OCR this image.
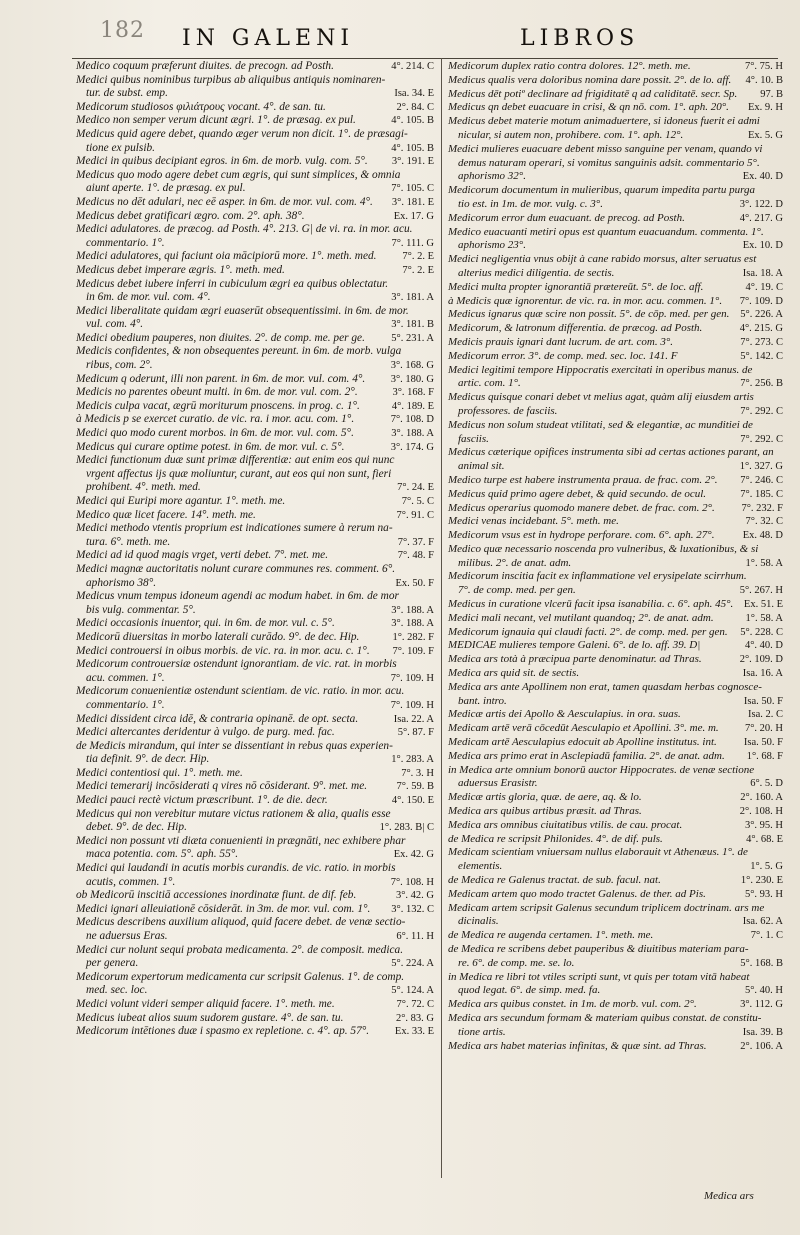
182 IN GALENI	LIBROS
4°. 214. C
Medico coquum præferunt diuites. de precogn. ad Posth.
Medici quibus nominibus turpibus ab aliquibus antiquis nominaren-
Isa. 34. E
tur. de subst. emp.
2°. 84. C
Medicorum studiosos φιλιάτρους vocant. 4°. de san. tu.
4°. 105. B
Medico non semper verum dicunt ægri. 1°. de præsag. ex pul.
Medicus quid agere debet, quando æger verum non dicit. 1°. de præsagi-
4°. 105. B
tione ex pulsib.
3°. 191. E
Medici in quibus decipiant egros. in 6m. de morb. vulg. com. 5°.
Medicus quo modo agere debet cum ægris, qui sunt simplices, & omnia
7°. 105. C
aiunt aperte. 1°. de præsag. ex pul.
3°. 181. E
Medicus no dēt adulari, nec eē asper. in 6m. de mor. vul. com. 4°.
Ex. 17. G
Medicus debet gratificari ægro. com. 2°. aph. 38°.
Medici adulatores. de præcog. ad Posth. 4°. 213. G| de vi. ra. in mor. acu.
7°. 111. G
commentario. 1°.
7°. 2. E
Medici adulatores, qui faciunt oia mācipiorū more. 1°. meth. med.
7°. 2. E
Medicus debet imperare ægris. 1°. meth. med.
Medicus debet iubere inferri in cubiculum ægri ea quibus oblectatur.
3°. 181. A
in 6m. de mor. vul. com. 4°.
Medici liberalitate quidam ægri euaserūt obsequentissimi. in 6m. de mor.
3°. 181. B
vul. com. 4°.
5°. 231. A
Medici obedium pauperes, non diuites. 2°. de comp. me. per ge.
Medicis confidentes, & non obsequentes pereunt. in 6m. de morb. vulga
3°. 168. G
ribus, com. 2°.
3°. 180. G
Medicum q oderunt, illi non parent. in 6m. de mor. vul. com. 4°.
3°. 168. F
Medicis no parentes obeunt multi. in 6m. de mor. vul. com. 2°.
4°. 189. E
Medicis culpa vacat, ægrū moriturum pnoscens. in prog. c. 1°.
7°. 108. D
à Medicis p se exercet curatio. de vic. ra. i mor. acu. com. 1°.
3°. 188. A
Medici quo modo curent morbos. in 6m. de mor. vul. com. 5°.
3°. 174. G
Medicus qui curare optime potest. in 6m. de mor. vul. c. 5°.
Medici functionum duæ sunt primæ differentiæ: aut enim eos qui nunc
vrgent affectus ijs quæ moliuntur, curant, aut eos qui non sunt, fieri
7°. 24. E
prohibent. 4°. meth. med.
7°. 5. C
Medici qui Euripi more agantur. 1°. meth. me.
7°. 91. C
Medico quæ licet facere. 14°. meth. me.
Medici methodo vtentis proprium est indicationes sumere à rerum na-
7°. 37. F
tura. 6°. meth. me.
7°. 48. F
Medici ad id quod magis vrget, verti debet. 7°. met. me.
Medici magnæ auctoritatis nolunt curare communes res. comment. 6°.
Ex. 50. F
aphorismo 38°.
Medicus vnum tempus idoneum agendi ac modum habet. in 6m. de mor
3°. 188. A
bis vulg. commentar. 5°.
3°. 188. A
Medici occasionis inuentor, qui. in 6m. de mor. vul. c. 5°.
1°. 282. F
Medicorū diuersitas in morbo laterali curādo. 9°. de dec. Hip.
7°. 109. F
Medici controuersi in oibus morbis. de vic. ra. in mor. acu. c. 1°.
Medicorum controuersiæ ostendunt ignorantiam. de vic. rat. in morbis
7°. 109. H
acu. commen. 1°.
Medicorum conuenientiæ ostendunt scientiam. de vic. ratio. in mor. acu.
7°. 109. H
commentario. 1°.
Isa. 22. A
Medici dissident circa idē, & contraria opinanē. de opt. secta.
5°. 87. F
Medici altercantes deridentur à vulgo. de purg. med. fac.
de Medicis mirandum, qui inter se dissentiant in rebus quas experien-
1°. 283. A
tia definit. 9°. de decr. Hip.
7°. 3. H
Medici contentiosi qui. 1°. meth. me.
7°. 59. B
Medici temerarij incōsiderati q vires nō cōsiderant. 9°. met. me.
4°. 150. E
Medici pauci rectè victum præscribunt. 1°. de die. decr.
Medicus qui non verebitur mutare victus rationem & alia, qualis esse
1°. 283. B| C
debet. 9°. de dec. Hip.
Medici non possunt vti diæta conuenienti in prægnāti, nec exhibere phar
Ex. 42. G
maca potentia. com. 5°. aph. 55°.
Medici qui laudandi in acutis morbis curandis. de vic. ratio. in morbis
7°. 108. H
acutis, commen. 1°.
3°. 42. G
ob Medicorū inscitiā accessiones inordinatæ fiunt. de dif. feb.
3°. 132. C
Medici ignari alleuiationē cōsiderāt. in 3m. de mor. vul. com. 1°.
Medicus describens auxilium aliquod, quid facere debet. de venæ sectio-
6°. 11. H
ne aduersus Eras.
Medici cur nolunt sequi probata medicamenta. 2°. de composit. medica.
5°. 224. A
per genera.
Medicorum expertorum medicamenta cur scripsit Galenus. 1°. de comp.
5°. 124. A
med. sec. loc.
7°. 72. C
Medici volunt videri semper aliquid facere. 1°. meth. me.
2°. 83. G
Medicus iubeat alios suum sudorem gustare. 4°. de san. tu.
Ex. 33. E
Medicorum intētiones duæ i spasmo ex repletione. c. 4°. ap. 57°.
7°. 75. H
Medicorum duplex ratio contra dolores. 12°. meth. me.
4°. 10. B
Medicus qualis vera doloribus nomina dare possit. 2°. de lo. aff.
97. B
Medicus dēt potiº declinare ad frigiditatē q ad caliditatē. secr. Sp.
Ex. 9. H
Medicus qn debet euacuare in crisi, & qn nō. com. 1°. aph. 20°.
Medicus debet materie motum animaduertere, si idoneus fuerit ei admi
Ex. 5. G
nicular, si autem non, prohibere. com. 1°. aph. 12°.
Medici mulieres euacuare debent misso sanguine per venam, quando vi
demus naturam operari, si vomitus sanguinis adsit. commentario 5°.
Ex. 40. D
aphorismo 32°.
Medicorum documentum in mulieribus, quarum impedita partu purga
3°. 122. D
tio est. in 1m. de mor. vulg. c. 3°.
4°. 217. G
Medicorum error dum euacuant. de precog. ad Posth.
Medico euacuanti metiri opus est quantum euacuandum. commenta. 1°.
Ex. 10. D
aphorismo 23°.
Medici negligentia vnus obijt à cane rabido morsus, alter seruatus est
Isa. 18. A
alterius medici diligentia. de sectis.
4°. 19. C
Medici multa propter ignorantiā prætereūt. 5°. de loc. aff.
7°. 109. D
à Medicis quæ ignorentur. de vic. ra. in mor. acu. commen. 1°.
5°. 226. A
Medicus ignarus quæ scire non possit. 5°. de cōp. med. per gen.
4°. 215. G
Medicorum, & latronum differentia. de præcog. ad Posth.
7°. 273. C
Medicis prauis ignari dant lucrum. de art. com. 3°.
5°. 142. C
Medicorum error. 3°. de comp. med. sec. loc. 141. F
Medici legitimi tempore Hippocratis exercitati in operibus manus. de
7°. 256. B
artic. com. 1°.
Medicus quisque conari debet vt melius agat, quàm alij eiusdem artis
7°. 292. C
professores. de fasciis.
Medicus non solum studeat vtilitati, sed & elegantiæ, ac munditiei de
7°. 292. C
fasciis.
Medicus cæterique opifices instrumenta sibi ad certas actiones parant, an
1°. 327. G
animal sit.
7°. 246. C
Medico turpe est habere instrumenta praua. de frac. com. 2°.
7°. 185. C
Medicus quid primo agere debet, & quid secundo. de ocul.
7°. 232. F
Medicus operarius quomodo manere debet. de frac. com. 2°.
7°. 32. C
Medici venas incidebant. 5°. meth. me.
Ex. 48. D
Medicorum vsus est in hydrope perforare. com. 6°. aph. 27°.
Medico quæ necessario noscenda pro vulneribus, & luxationibus, & si
1°. 58. A
milibus. 2°. de anat. adm.
Medicorum inscitia facit ex inflammatione vel erysipelate scirrhum.
5°. 267. H
7°. de comp. med. per gen.
Ex. 51. E
Medicus in curatione vlcerū facit ipsa isanabilia. c. 6°. aph. 45°.
1°. 58. A
Medici mali necant, vel mutilant quandoq; 2°. de anat. adm.
5°. 228. C
Medicorum ignauia qui claudi facti. 2°. de comp. med. per gen.
4°. 40. D
MEDICAE mulieres tempore Galeni. 6°. de lo. aff. 39. D|
2°. 109. D
Medica ars totà à præcipua parte denominatur. ad Thras.
Isa. 16. A
Medica ars quid sit. de sectis.
Medica ars ante Apollinem non erat, tamen quasdam herbas cognosce-
Isa. 50. F
bant. intro.
Isa. 2. C
Medicæ artis dei Apollo & Aesculapius. in ora. suas.
7°. 20. H
Medicam artē verā cōcedūt Aesculapio et Apollini. 3°. me. m.
Isa. 50. F
Medicam artē Aesculapius edocuit ab Apolline institutus. int.
1°. 68. F
Medica ars primo erat in Asclepiadū familia. 2°. de anat. adm.
in Medica arte omnium bonorū auctor Hippocrates. de venæ sectione
6°. 5. D
aduersus Erasistr.
2°. 160. A
Medicæ artis gloria, quæ. de aere, aq. & lo.
2°. 108. H
Medica ars quibus artibus præsit. ad Thras.
3°. 95. H
Medica ars omnibus ciuitatibus vtilis. de cau. procat.
4°. 68. E
de Medica re scripsit Philonides. 4°. de dif. puls.
Medicam scientiam vniuersam nullus elaborauit vt Athenæus. 1°. de
1°. 5. G
elementis.
1°. 230. E
de Medica re Galenus tractat. de sub. facul. nat.
5°. 93. H
Medicam artem quo modo tractet Galenus. de ther. ad Pis.
Medicam artem scripsit Galenus secundum triplicem doctrinam. ars me
Isa. 62. A
dicinalis.
7°. 1. C
de Medica re augenda certamen. 1°. meth. me.
de Medica re scribens debet pauperibus & diuitibus materiam para-
5°. 168. B
re. 6°. de comp. me. se. lo.
in Medica re libri tot vtiles scripti sunt, vt quis per totam vitā habeat
5°. 40. H
quod legat. 6°. de simp. med. fa.
3°. 112. G
Medica ars quibus constet. in 1m. de morb. vul. com. 2°.
Medica ars secundum formam & materiam quibus constat. de constitu-
Isa. 39. B
tione artis.
2°. 106. A
Medica ars habet materias infinitas, & quæ sint. ad Thras.
Medica ars
